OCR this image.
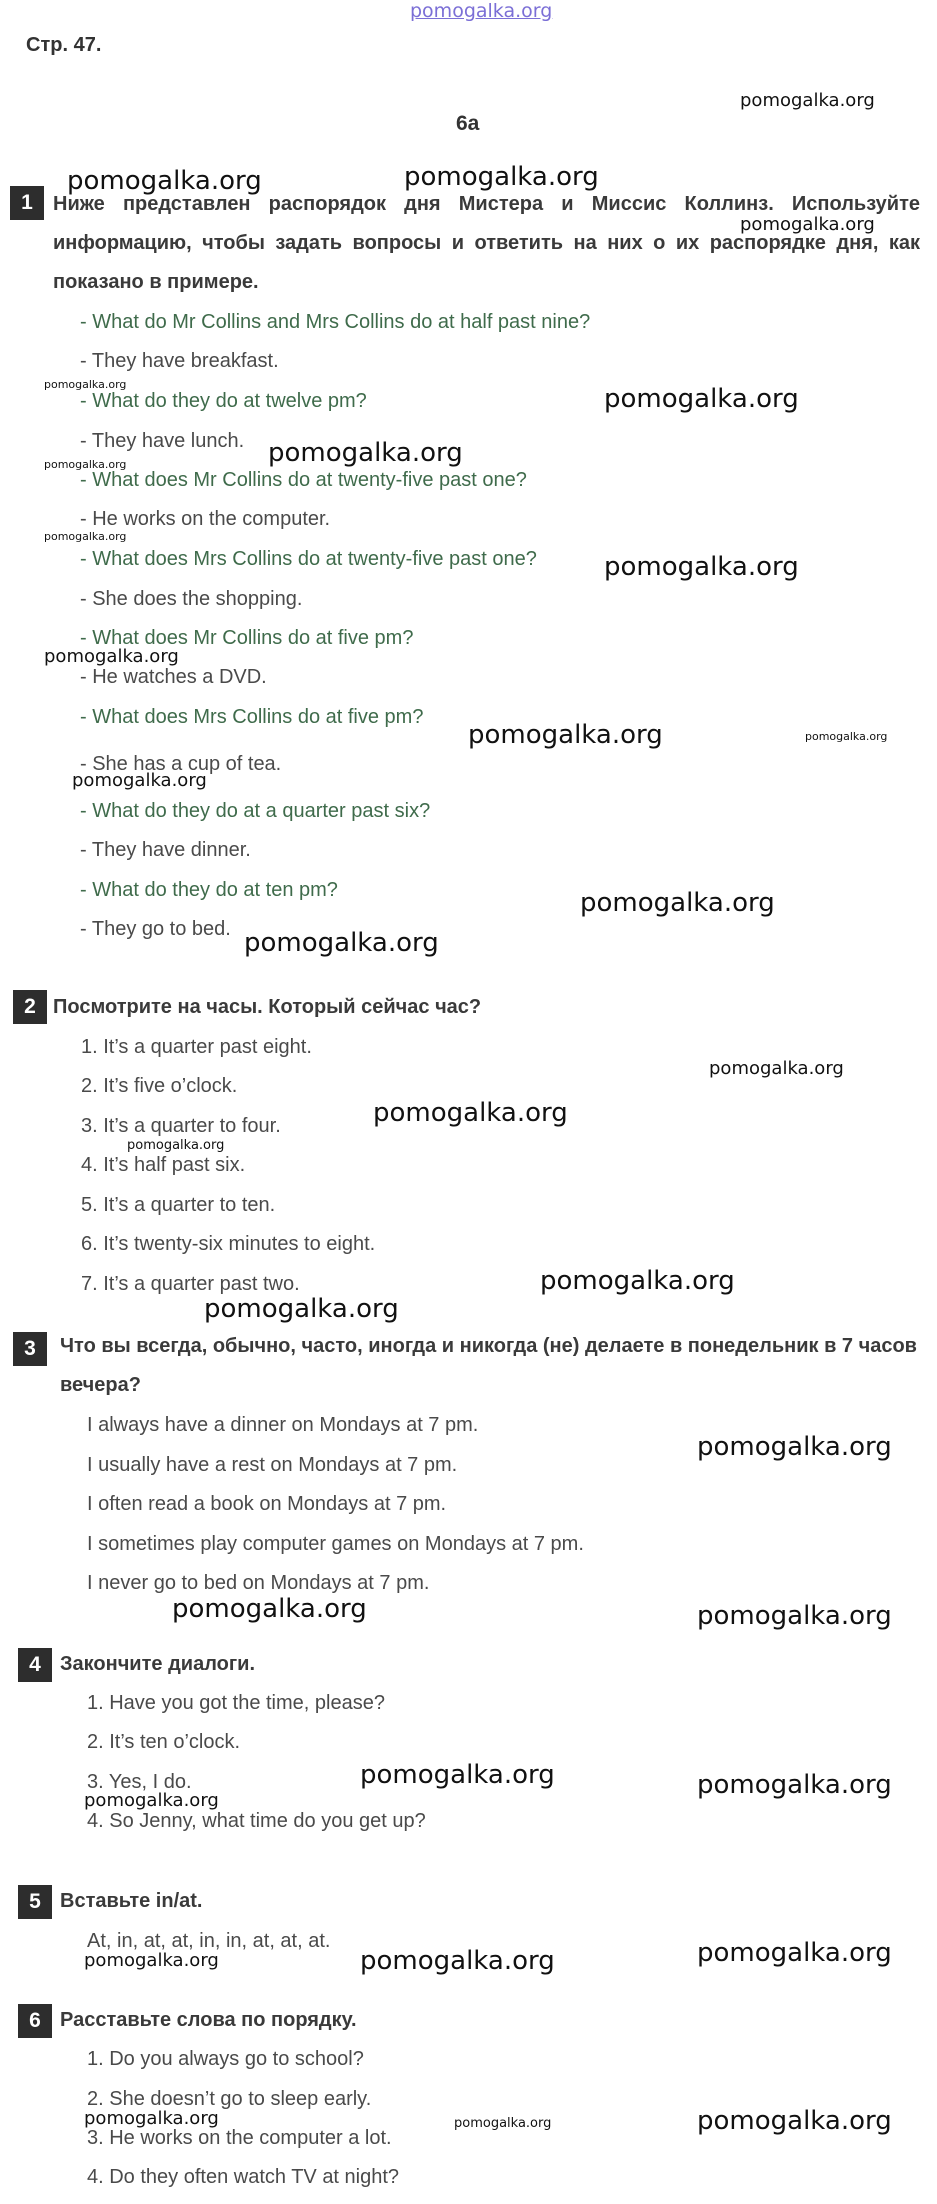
pomogalka.org
Стр. 47.
6a
1	Ниже представлен распорядок дня Мистера и Миссис Коллинз. Используйте информацию, чтобы задать вопросы и ответить на них о их распорядке дня, как показано в примере.
- What do Mr Collins and Mrs Collins do at half past nine?
- They have breakfast.
- What do they do at twelve pm?
- They have lunch.
- What does Mr Collins do at twenty-five past one?
- He works on the computer.
- What does Mrs Collins do at twenty-five past one?
- She does the shopping.
- What does Mr Collins do at five pm?
- He watches a DVD.
- What does Mrs Collins do at five pm?
- She has a cup of tea.
- What do they do at a quarter past six?
- They have dinner.
- What do they do at ten pm?
- They go to bed.
2 Посмотрите на часы. Который сейчас час?
1. It’s a quarter past eight.
2. It’s five o’clock.
3. It’s a quarter to four.
4. It’s half past six.
5. It’s a quarter to ten.
6. It’s twenty-six minutes to eight.
7. It’s a quarter past two.
3	Что вы всегда, обычно, часто, иногда и никогда (не) делаете в понедельник в 7 часов вечера?
I always have a dinner on Mondays at 7 pm.
I usually have a rest on Mondays at 7 pm.
I often read a book on Mondays at 7 pm.
I sometimes play computer games on Mondays at 7 pm.
I never go to bed on Mondays at 7 pm.
4 Закончите диалоги.
1. Have you got the time, please?
2. It’s ten o’clock.
3. Yes, I do.
4. So Jenny, what time do you get up?
5 Вставьте in/at.
At, in, at, at, in, in, at, at, at.
6 Расставьте слова по порядку.
1. Do you always go to school?
2. She doesn’t go to sleep early.
3. He works on the computer a lot.
4. Do they often watch TV at night?
pomogalka.org
pomogalka.org	pomogalka.org
pomogalka.org
pomogalka.org	pomogalka.org
pomogalka.org
pomogalka.org
pomogalka.org
pomogalka.org
pomogalka.org
pomogalka.org	pomogalka.org
pomogalka.org
pomogalka.org
pomogalka.org
pomogalka.org
pomogalka.org
pomogalka.org
pomogalka.org
pomogalka.org
pomogalka.org
pomogalka.org	pomogalka.org
pomogalka.org	pomogalka.org
pomogalka.org
pomogalka.org	pomogalka.org	pomogalka.org
pomogalka.org	pomogalka.org	pomogalka.org
